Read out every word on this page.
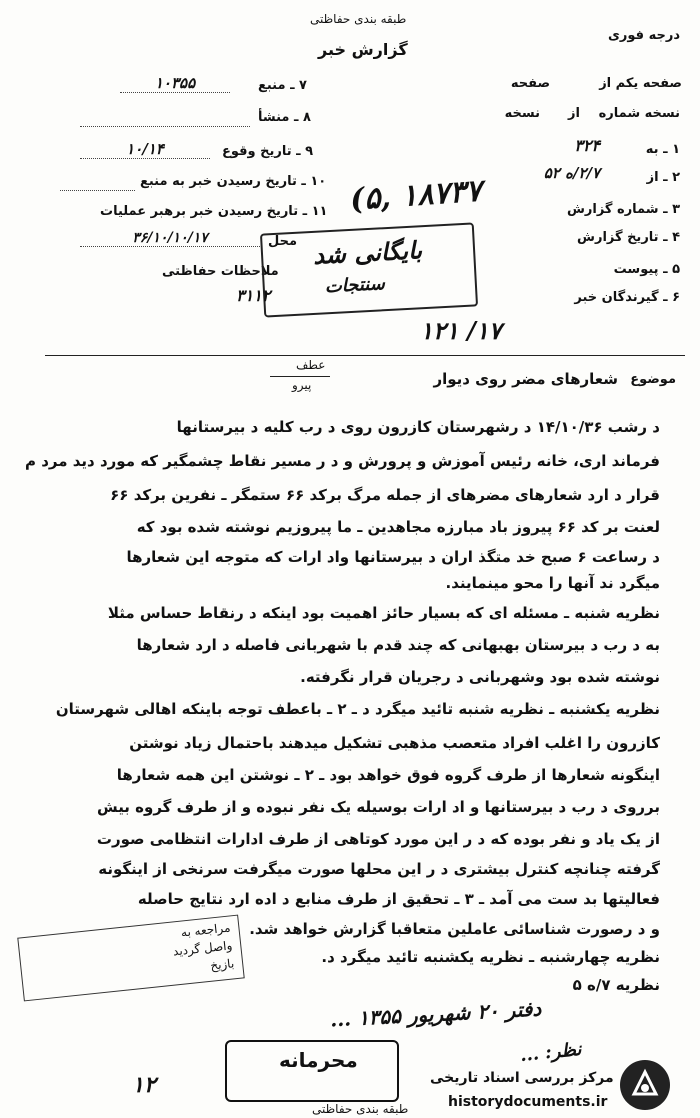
درجه فوری
طبقه بندی حفاظتی
گزارش خبر
صفحه یکم از
صفحه
نسخه شماره
از
نسخه
۱ ـ به
۳۲۴
۲ ـ از
۲/۷/ه ۵۲
۳ ـ شماره گزارش
۴ ـ تاریخ گزارش
۵ ـ پیوست
۶ ـ گیرندگان خبر
۷ ـ منبع
۱۰۳۵۵
۸ ـ منشأ
۹ ـ تاریخ وقوع
۱۰/۱۴
۱۰ ـ تاریخ رسیدن خبر به منبع
۱۱ ـ تاریخ رسیدن خبر برهبر عملیات
محل
۳۶/۱۰/۱۰/۱۷
ملاحظات حفاظتی
(۵, ۱۸۷۳۷
بایگانی شد
سنتجات
۳۱۱۲
۱۲۱ /۱۷
عطف
پیرو	موضوع
شعارهای مضر روی دیوار
د رشب ۱۴/۱۰/۳۶ د رشهرستان کازرون روی د رب کلیه د بیرستانها
فرماند اری، خانه رئیس آموزش و پرورش و د ر مسیر نقاط چشمگیر که مورد دید مرد م
قرار د ارد شعارهای مضرهای از جمله مرگ برکد ۶۶ ستمگر ـ نفرین برکد ۶۶
لعنت بر کد ۶۶ پیروز باد مبارزه مجاهدین ـ ما پیروزیم نوشته شده بود که
د رساعت ۶ صبح خد متگذ اران د بیرستانها واد ارات که متوجه این شعارها
میگرد ند آنها را محو مینمایند.
نظریه شنبه ـ مسئله ای که بسیار حائز اهمیت بود اینکه د رنقاط حساس مثلا
به د رب د بیرستان بهبهانی که چند قدم با شهربانی فاصله د ارد شعارها
نوشته شده بود وشهربانی د رجریان قرار نگرفته.
نظریه یکشنبه ـ نظریه شنبه تائید میگرد د ـ ۲ ـ باعطف توجه باینکه اهالی شهرستان
کازرون را اغلب افراد متعصب مذهبی تشکیل میدهند باحتمال زیاد نوشتن
اینگونه شعارها از طرف گروه فوق خواهد بود ـ ۲ ـ نوشتن این همه شعارها
برروی د رب د بیرستانها و اد ارات بوسیله یک نفر نبوده و از طرف گروه بیش
از یک یاد و نفر بوده که د ر این مورد کوتاهی از طرف ادارات انتظامی صورت
گرفته چنانچه کنترل بیشتری د ر این محلها صورت میگرفت سرنخی از اینگونه
فعالیتها بد ست می آمد ـ ۳ ـ تحقیق از طرف منابع د اده ارد نتایج حاصله
و د رصورت شناسائی عاملین متعاقبا گزارش خواهد شد.
نظریه چهارشنبه ـ نظریه یکشنبه تائید میگرد د.
نظریه ۷/ه ۵
مراجعه به
واصل گردید
بازیخ
دفتر ۲۰ شهریور ۱۳۵۵ ...
نظر: ...
۱۲
محرمانه
طبقه بندی حفاظتی
مرکز بررسی اسناد تاریخی
historydocuments.ir
